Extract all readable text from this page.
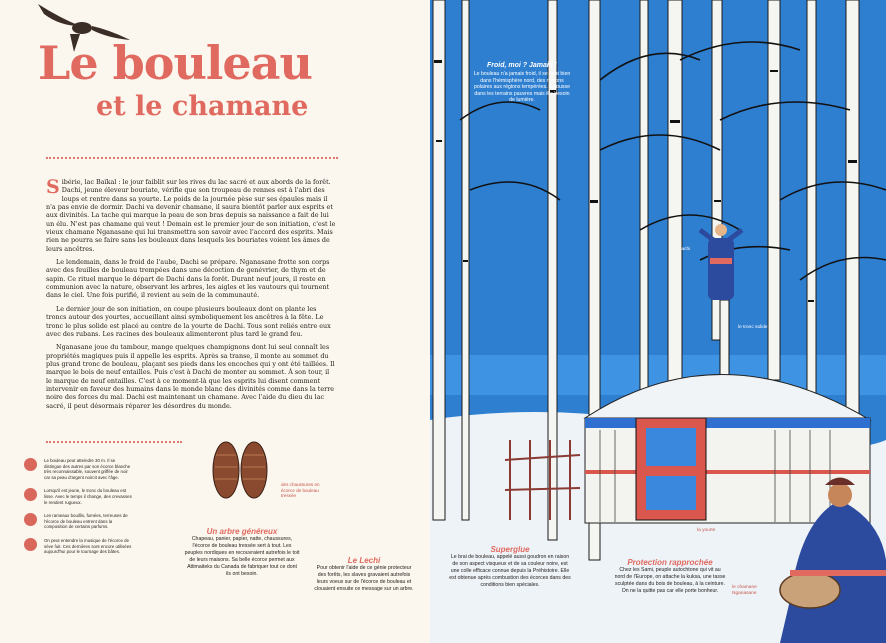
Le bouleau
et le chamane

Sibérie, lac Baïkal : le jour faiblit sur les rives du lac sacré et aux abords de la forêt. Dachi, jeune éleveur bouriate, vérifie que son troupeau de rennes est à l'abri des loups et rentre dans sa yourte. Le poids de la journée pèse sur ses épaules mais il n'a pas envie de dormir. Dachi va devenir chamane, il saura bientôt parler aux esprits et aux divinités. La tache qui marque la peau de son bras depuis sa naissance a fait de lui un élu. N'est pas chamane qui veut ! Demain est le premier jour de son initiation, c'est le vieux chamane Nganasane qui lui transmettra son savoir avec l'accord des esprits. Mais rien ne pourra se faire sans les bouleaux dans lesquels les bouriates voient les âmes de leurs ancêtres.

Le lendemain, dans le froid de l'aube, Dachi se prépare. Nganasane frotte son corps avec des feuilles de bouleau trempées dans une décoction de genévrier, de thym et de sapin. Ce rituel marque le départ de Dachi dans la forêt. Durant neuf jours, il reste en communion avec la nature, observant les arbres, les aigles et les vautours qui tournent dans le ciel. Une fois purifié, il revient au sein de la communauté.

Le dernier jour de son initiation, on coupe plusieurs bouleaux dont on plante les troncs autour des yourtes, accueillant ainsi symboliquement les ancêtres à la fête. Le tronc le plus solide est placé au centre de la yourte de Dachi. Tous sont reliés entre eux avec des rubans. Les racines des bouleaux alimenteront plus tard le grand feu.

Nganasane joue du tambour, mange quelques champignons dont lui seul connaît les propriétés magiques puis il appelle les esprits. Après sa transe, il monte au sommet du plus grand tronc de bouleau, plaçant ses pieds dans les encoches qui y ont été taillées. Il marque le bois de neuf entailles. Puis c'est à Dachi de monter au sommet. À son tour, il le marque de neuf entailles. C'est à ce moment-là que les esprits lui disent comment intervenir en faveur des humains dans le monde blanc des divinités comme dans la terre noire des forces du mal. Dachi est maintenant un chamane. Avec l'aide du dieu du lac sacré, il peut désormais réparer les désordres du monde.

Le bouleau peut atteindre 30 m. Il se distingue des autres par son écorce blanche très reconnaissable, souvent griffée de noir car sa peau d'argent noircit avec l'âge.
Lorsqu'il est jeune, le tronc du bouleau est lisse. Avec le temps il change, des crevasses le rendent rugueux.
Les rameaux bouillis, fumées, terreuses de l'écorce de bouleau entrent dans la composition de certains parfums.
On peut entendre la musique de l'écorce de sève fuit. Ces dernières sont encore utilisées aujourd'hui pour le tournage des bâtes.
des chaussures en écorce de bouleau tressée
Un arbre généreux
Chapeau, panier, papier, natte, chaussures, l'écorce de bouleau tressée sert à tout. Les peuples nordiques en recouvraient autrefois le toit de leurs maisons. Sa belle écorce permet aux Attimaiteks du Canada de fabriquer tout ce dont ils ont besoin.
Le Lechi
Pour obtenir l'aide de ce génie protecteur des forêts, les slaves gravaient autrefois leurs voeux sur de l'écorce de bouleau et clouaient ensuite ce message sur un arbre.
Superglue
Le brai de bouleau, appelé aussi goudron en raison de son aspect visqueux et de sa couleur noire, est une colle efficace connue depuis la Préhistoire. Elle est obtenue après combustion des écorces dans des conditions bien spéciales.
Protection rapprochée
Chez les Sami, peuple autochtone qui vit au nord de l'Europe, on attache la kuksa, une tasse sculptée dans du bois de bouleau, à la ceinture. On ne la quitte pas car elle porte bonheur.
Froid, moi ? Jamais !
Le bouleau n'a jamais froid, il se sent bien dans l'hémisphère nord, des régions polaires aux régions tempérées. Il pousse dans les terrains pauvres mais il a besoin de lumière.
Dachi
le tronc solide
la yourte
le chamane Nganasane
